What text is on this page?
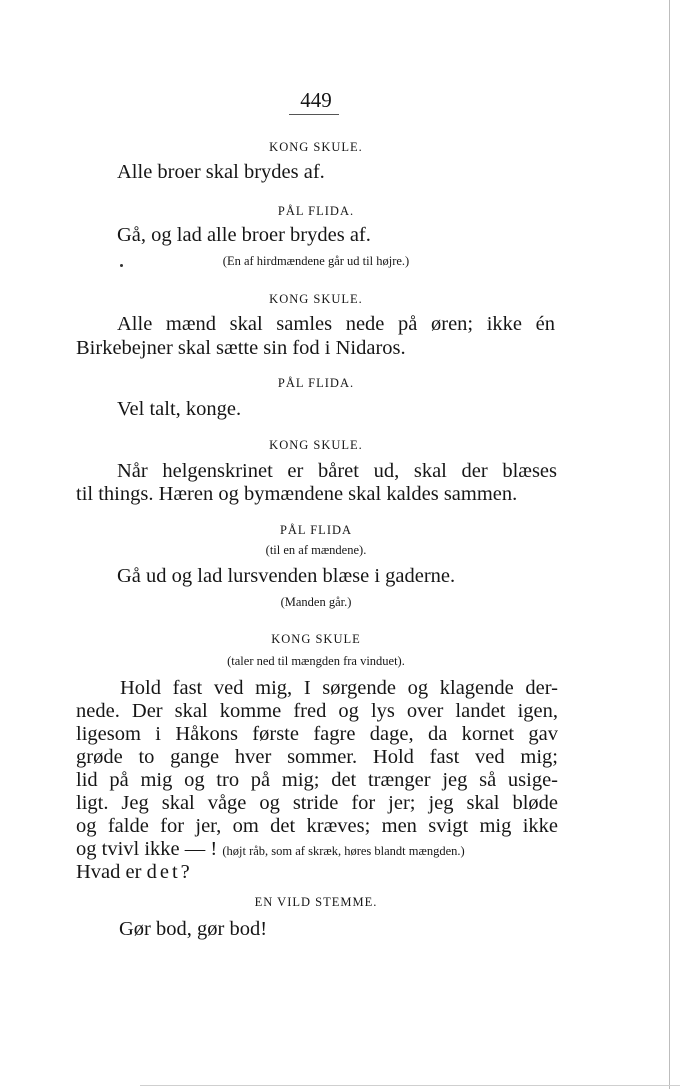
449
KONG SKULE.

Alle broer skal brydes af.

PÅL FLIDA.

Gå, og lad alle broer brydes af.

(En af hirdmændene går ud til højre.)
KONG SKULE.

Alle mænd skal samles nede på øren; ikke én

Birkebejner skal sætte sin fod i Nidaros.

PÅL FLIDA.

Vel talt, konge.

KONG SKULE.

Når helgenskrinet er båret ud, skal der blæses

til things. Hæren og bymændene skal kaldes sammen.

PÅL FLIDA
(til en af mændene).

Gå ud og lad lursvenden blæse i gaderne.

(Manden går.)
KONG SKULE
(taler ned til mængden fra vinduet).

Hold fast ved mig, I sørgende og klagende der-

nede. Der skal komme fred og lys over landet igen,

ligesom i Håkons første fagre dage, da kornet gav

grøde to gange hver sommer. Hold fast ved mig;

lid på mig og tro på mig; det trænger jeg så usige-

ligt. Jeg skal våge og stride for jer; jeg skal bløde

og falde for jer, om det kræves; men svigt mig ikke

og tvivl ikke — ! (højt råb, som af skræk, høres blandt mængden.)

Hvad er det?

EN VILD STEMME.

Gør bod, gør bod!
